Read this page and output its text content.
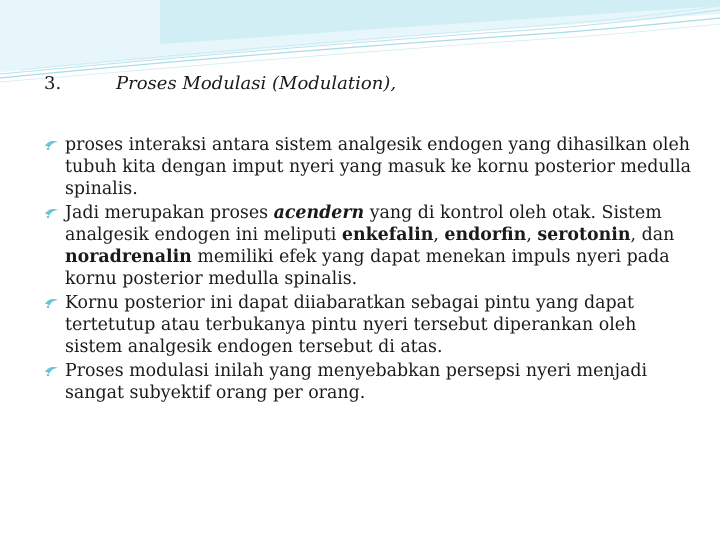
3.	Proses Modulasi (Modulation),
proses interaksi antara sistem analgesik endogen yang dihasilkan oleh tubuh kita dengan imput nyeri yang masuk ke kornu posterior medulla spinalis.
Jadi merupakan proses acendern yang di kontrol oleh otak. Sistem analgesik endogen ini meliputi enkefalin, endorfin, serotonin, dan noradrenalin memiliki efek yang dapat menekan impuls nyeri pada kornu posterior medulla spinalis.
Kornu posterior ini dapat diiabaratkan sebagai pintu yang dapat tertetutup atau terbukanya pintu nyeri tersebut diperankan oleh sistem analgesik endogen tersebut di atas.
Proses modulasi inilah yang menyebabkan persepsi nyeri menjadi sangat subyektif orang per orang.
